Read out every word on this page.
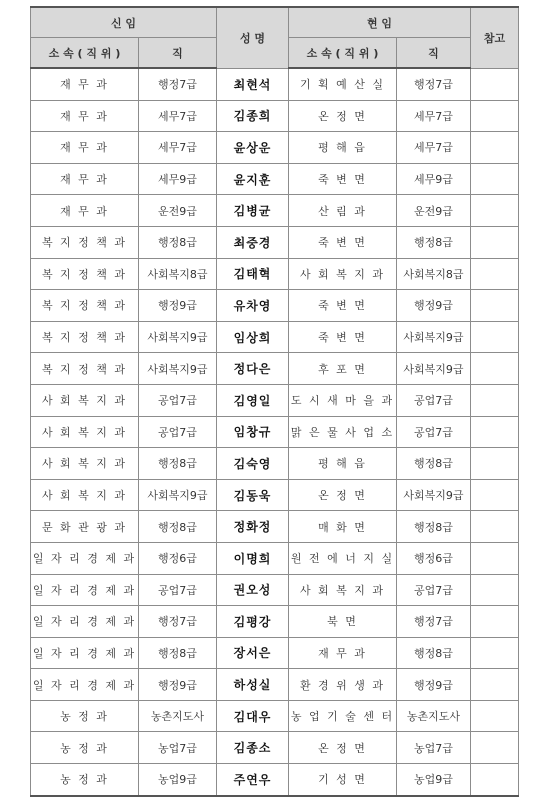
신 임		성 명	현 임		참고
소 속 ( 직 위 )	직		소 속 ( 직 위 )	직	
재 무 과	행정7급	최현석	기 획 예 산 실	행정7급	
재 무 과	세무7급	김종희	온 정 면	세무7급	
재 무 과	세무7급	윤상운	평 해 읍	세무7급	
재 무 과	세무9급	윤지훈	죽 변 면	세무9급	
재 무 과	운전9급	김병균	산 림 과	운전9급	
복 지 정 책 과	행정8급	최중경	죽 변 면	행정8급	
복 지 정 책 과	사회복지8급	김태혁	사 회 복 지 과	사회복지8급	
복 지 정 책 과	행정9급	유차영	죽 변 면	행정9급	
복 지 정 책 과	사회복지9급	임상희	죽 변 면	사회복지9급	
복 지 정 책 과	사회복지9급	정다은	후 포 면	사회복지9급	
사 회 복 지 과	공업7급	김영일	도 시 새 마 을 과	공업7급	
사 회 복 지 과	공업7급	임창규	맑 은 물 사 업 소	공업7급	
사 회 복 지 과	행정8급	김숙영	평 해 읍	행정8급	
사 회 복 지 과	사회복지9급	김동욱	온 정 면	사회복지9급	
문 화 관 광 과	행정8급	정화정	매 화 면	행정8급	
일 자 리 경 제 과	행정6급	이명희	원 전 에 너 지 실	행정6급	
일 자 리 경 제 과	공업7급	권오성	사 회 복 지 과	공업7급	
일 자 리 경 제 과	행정7급	김평강	북 면	행정7급	
일 자 리 경 제 과	행정8급	장서은	재 무 과	행정8급	
일 자 리 경 제 과	행정9급	하성실	환 경 위 생 과	행정9급	
농 정 과	농촌지도사	김대우	농 업 기 술 센 터	농촌지도사	
농 정 과	농업7급	김종소	온 정 면	농업7급	
농 정 과	농업9급	주연우	기 성 면	농업9급	
